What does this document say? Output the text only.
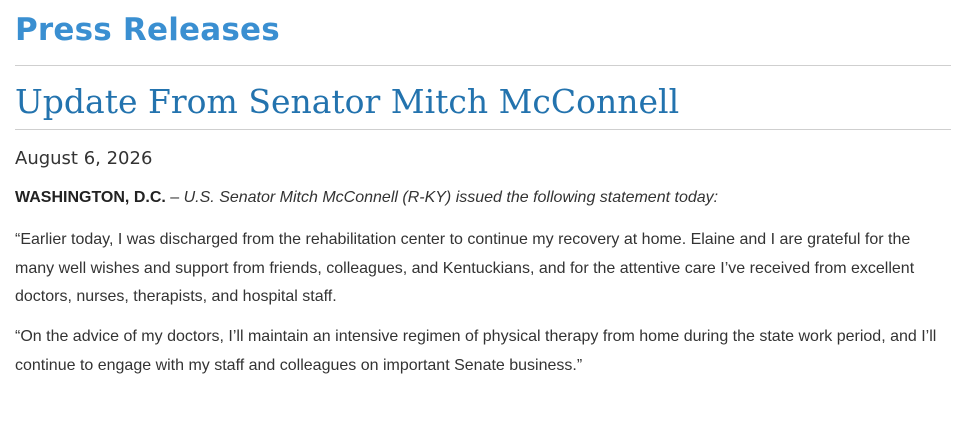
Press Releases
Update From Senator Mitch McConnell
August 6, 2026

WASHINGTON, D.C. – U.S. Senator Mitch McConnell (R-KY) issued the following statement today:

“Earlier today, I was discharged from the rehabilitation center to continue my recovery at home. Elaine and I are grateful for the many well wishes and support from friends, colleagues, and Kentuckians, and for the attentive care I’ve received from excellent doctors, nurses, therapists, and hospital staff.

“On the advice of my doctors, I’ll maintain an intensive regimen of physical therapy from home during the state work period, and I’ll continue to engage with my staff and colleagues on important Senate business.”
